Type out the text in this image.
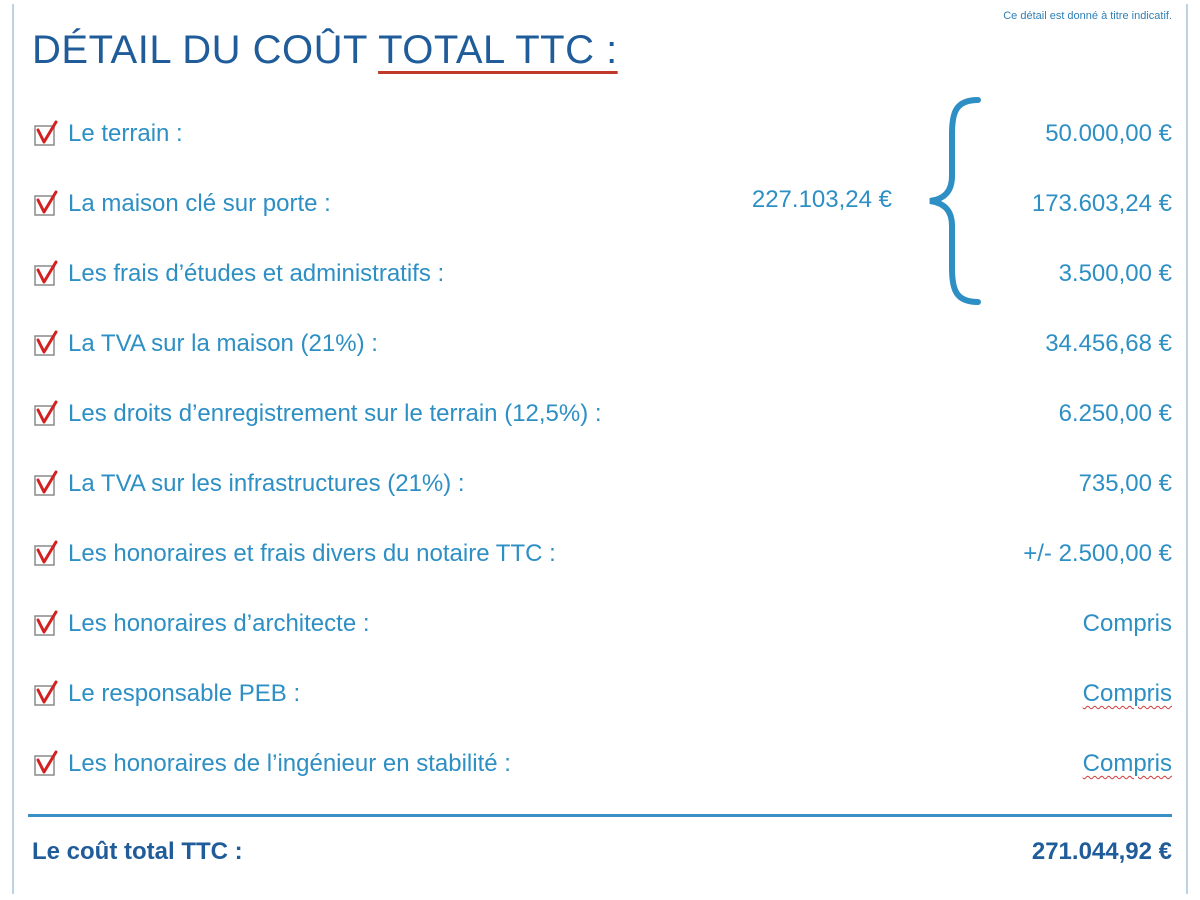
Ce détail est donné à titre indicatif.
DÉTAIL DU COÛT TOTAL TTC :
Le terrain :	50.000,00 €
La maison clé sur porte :	173.603,24 €
Les frais d’études et administratifs :	3.500,00 €
La TVA sur la maison (21%) :	34.456,68 €
Les droits d’enregistrement sur le terrain (12,5%) :	6.250,00 €
La TVA sur les infrastructures (21%) :	735,00 €
Les honoraires et frais divers du notaire TTC :	+/- 2.500,00 €
Les honoraires d’architecte :	Compris
Le responsable PEB :	Compris
Les honoraires de l’ingénieur en stabilité :	Compris
227.103,24 €
Le coût total TTC :	271.044,92 €
